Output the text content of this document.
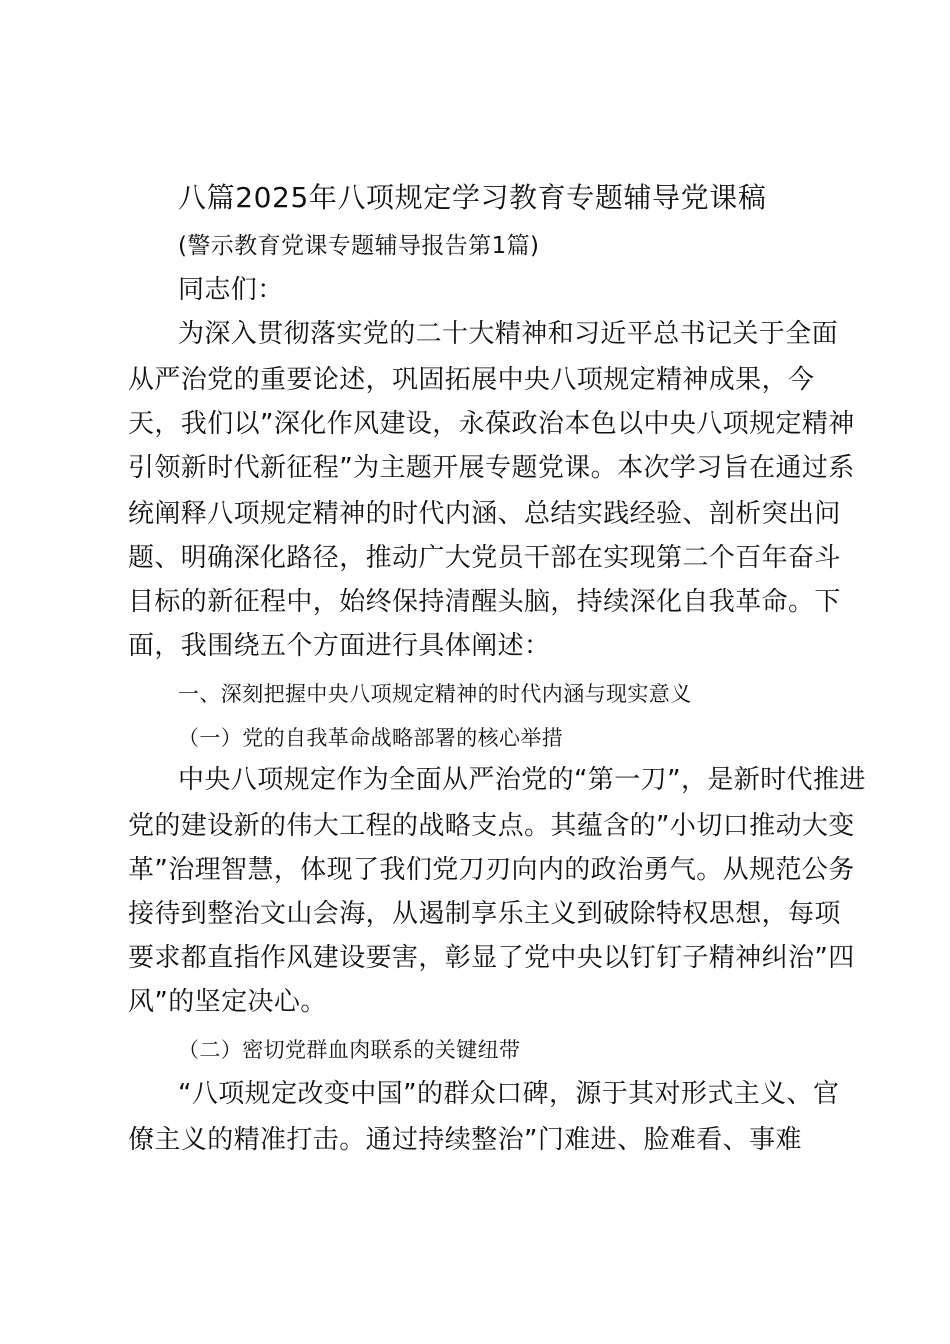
八篇2025年八项规定学习教育专题辅导党课稿
(警示教育党课专题辅导报告第1篇)
同志们：
为深入贯彻落实党的二十大精神和习近平总书记关于全面
从严治党的重要论述，巩固拓展中央八项规定精神成果，今
天，我们以”深化作风建设，永葆政治本色以中央八项规定精神
引领新时代新征程”为主题开展专题党课。本次学习旨在通过系
统阐释八项规定精神的时代内涵、总结实践经验、剖析突出问
题、明确深化路径，推动广大党员干部在实现第二个百年奋斗
目标的新征程中，始终保持清醒头脑，持续深化自我革命。下
面，我围绕五个方面进行具体阐述：
一、深刻把握中央八项规定精神的时代内涵与现实意义
（一）党的自我革命战略部署的核心举措
中央八项规定作为全面从严治党的“第一刀”，是新时代推进
党的建设新的伟大工程的战略支点。其蕴含的”小切口推动大变
革”治理智慧，体现了我们党刀刃向内的政治勇气。从规范公务
接待到整治文山会海，从遏制享乐主义到破除特权思想，每项
要求都直指作风建设要害，彰显了党中央以钉钉子精神纠治”四
风”的坚定决心。
（二）密切党群血肉联系的关键纽带
“八项规定改变中国”的群众口碑，源于其对形式主义、官
僚主义的精准打击。通过持续整治”门难进、脸难看、事难
